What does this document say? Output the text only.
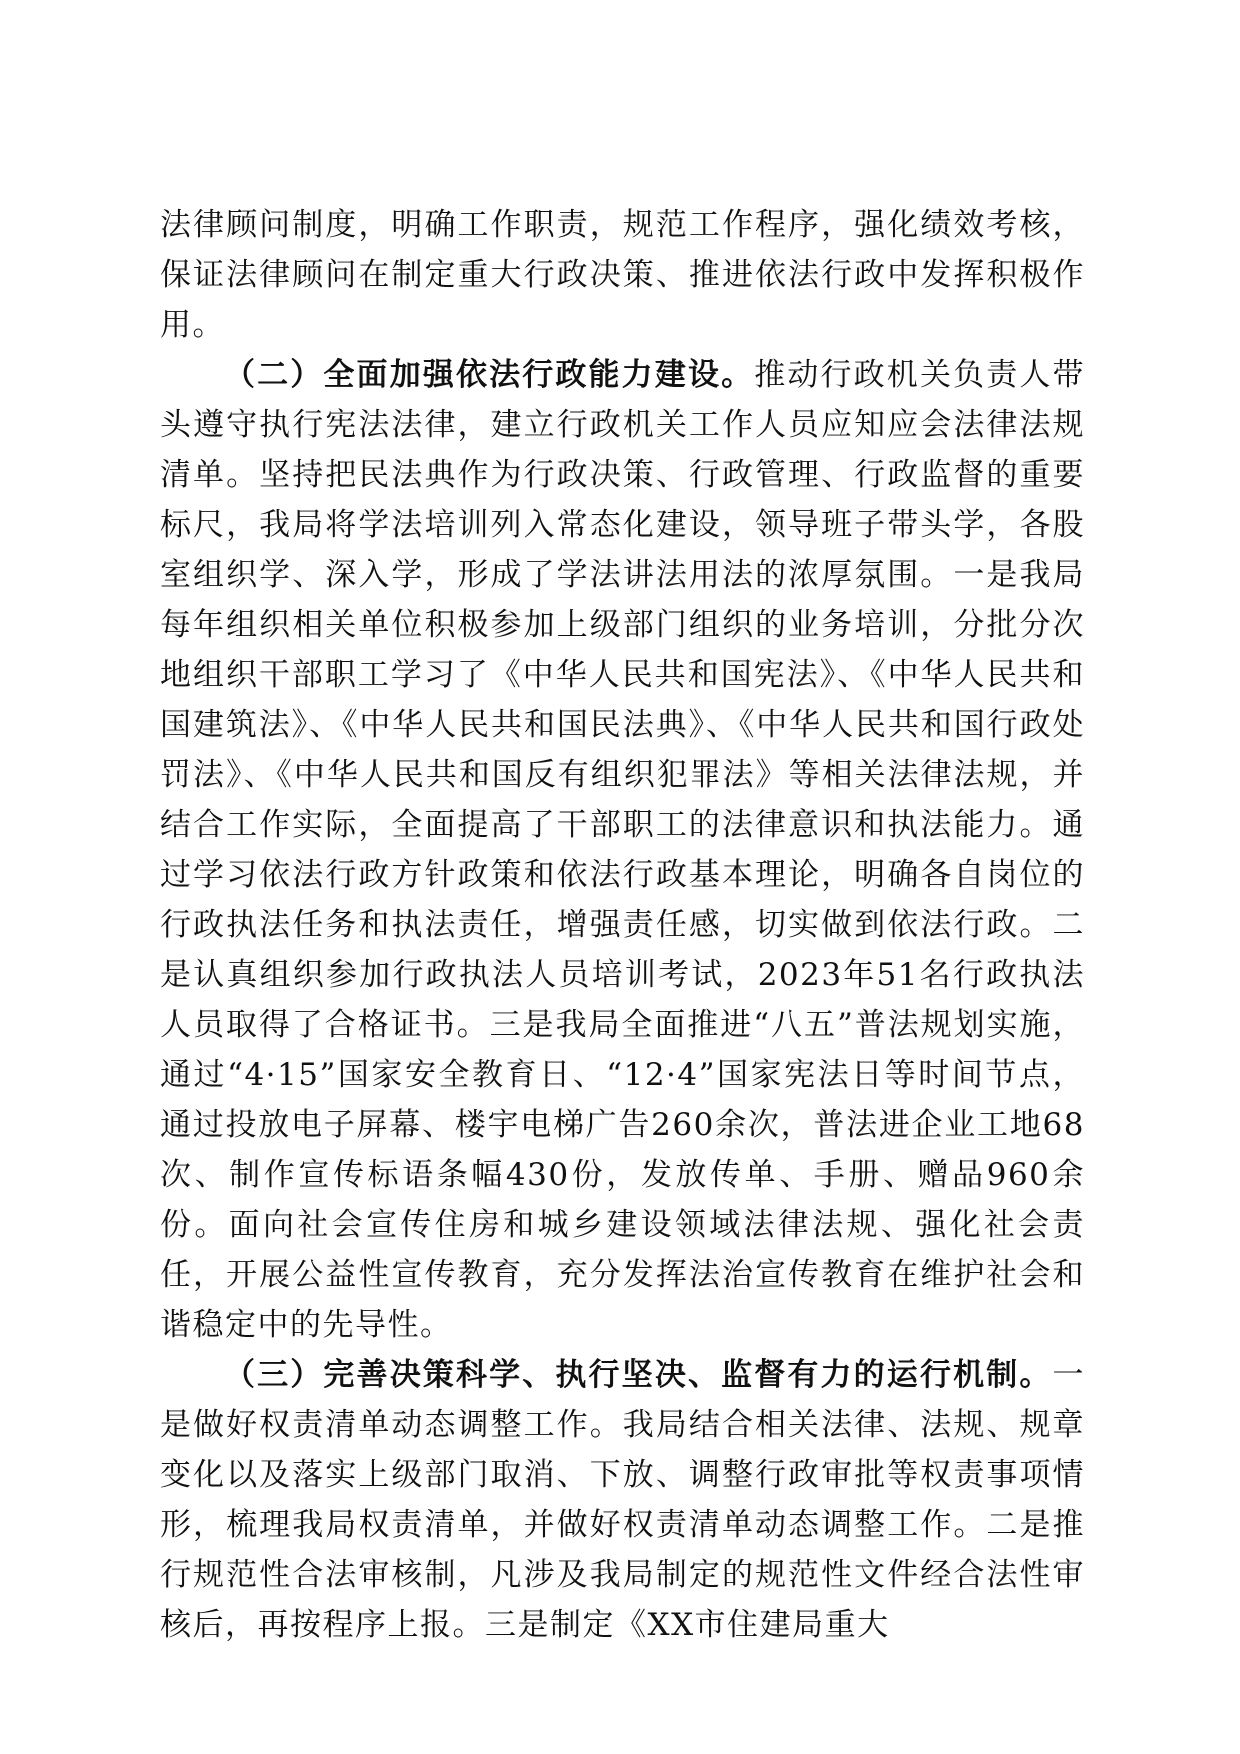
法律顾问制度，明确工作职责，规范工作程序，强化绩效考核，保证法律顾问在制定重大行政决策、推进依法行政中发挥积极作用。

（二）全面加强依法行政能力建设。推动行政机关负责人带头遵守执行宪法法律，建立行政机关工作人员应知应会法律法规清单。坚持把民法典作为行政决策、行政管理、行政监督的重要标尺，我局将学法培训列入常态化建设，领导班子带头学，各股室组织学、深入学，形成了学法讲法用法的浓厚氛围。一是我局每年组织相关单位积极参加上级部门组织的业务培训，分批分次地组织干部职工学习了《中华人民共和国宪法》、《中华人民共和国建筑法》、《中华人民共和国民法典》、《中华人民共和国行政处罚法》、《中华人民共和国反有组织犯罪法》等相关法律法规，并结合工作实际，全面提高了干部职工的法律意识和执法能力。通过学习依法行政方针政策和依法行政基本理论，明确各自岗位的行政执法任务和执法责任，增强责任感，切实做到依法行政。二是认真组织参加行政执法人员培训考试，2023年51名行政执法人员取得了合格证书。三是我局全面推进“八五”普法规划实施，通过“4·15”国家安全教育日、“12·4”国家宪法日等时间节点，通过投放电子屏幕、楼宇电梯广告260余次，普法进企业工地68次、制作宣传标语条幅430份，发放传单、手册、赠品960余份。面向社会宣传住房和城乡建设领域法律法规、强化社会责任，开展公益性宣传教育，充分发挥法治宣传教育在维护社会和谐稳定中的先导性。

（三）完善决策科学、执行坚决、监督有力的运行机制。一是做好权责清单动态调整工作。我局结合相关法律、法规、规章变化以及落实上级部门取消、下放、调整行政审批等权责事项情形，梳理我局权责清单，并做好权责清单动态调整工作。二是推行规范性合法审核制，凡涉及我局制定的规范性文件经合法性审核后，再按程序上报。三是制定《XX市住建局重大
